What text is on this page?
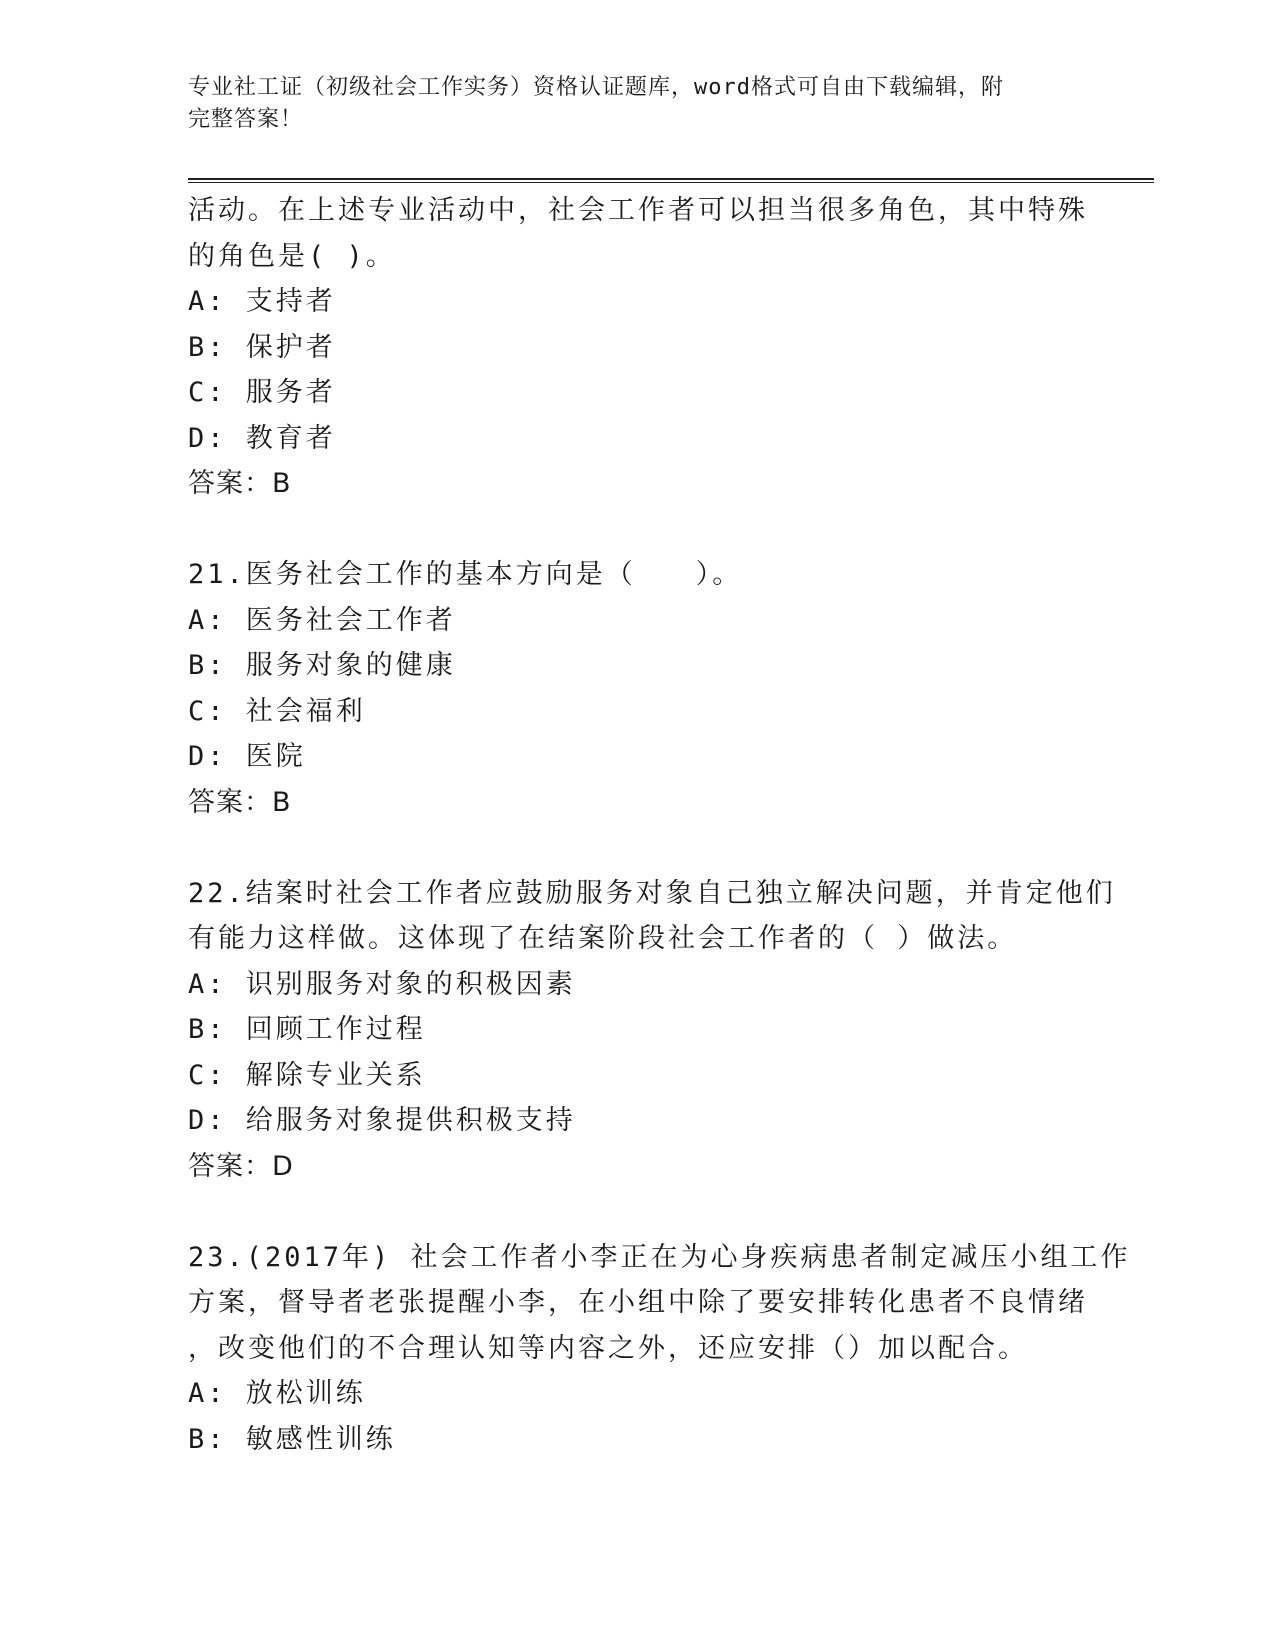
专业社工证（初级社会工作实务）资格认证题库，word格式可自由下载编辑，附
完整答案！
活动。在上述专业活动中，社会工作者可以担当很多角色，其中特殊
的角色是( )。
A: 支持者
B: 保护者
C: 服务者
D: 教育者
答案：B
21.医务社会工作的基本方向是（　　）。
A: 医务社会工作者
B: 服务对象的健康
C: 社会福利
D: 医院
答案：B
22.结案时社会工作者应鼓励服务对象自己独立解决问题，并肯定他们
有能力这样做。这体现了在结案阶段社会工作者的（ ）做法。
A: 识别服务对象的积极因素
B: 回顾工作过程
C: 解除专业关系
D: 给服务对象提供积极支持
答案：D
23.(2017年) 社会工作者小李正在为心身疾病患者制定减压小组工作
方案，督导者老张提醒小李，在小组中除了要安排转化患者不良情绪
，改变他们的不合理认知等内容之外，还应安排（）加以配合。
A: 放松训练
B: 敏感性训练
